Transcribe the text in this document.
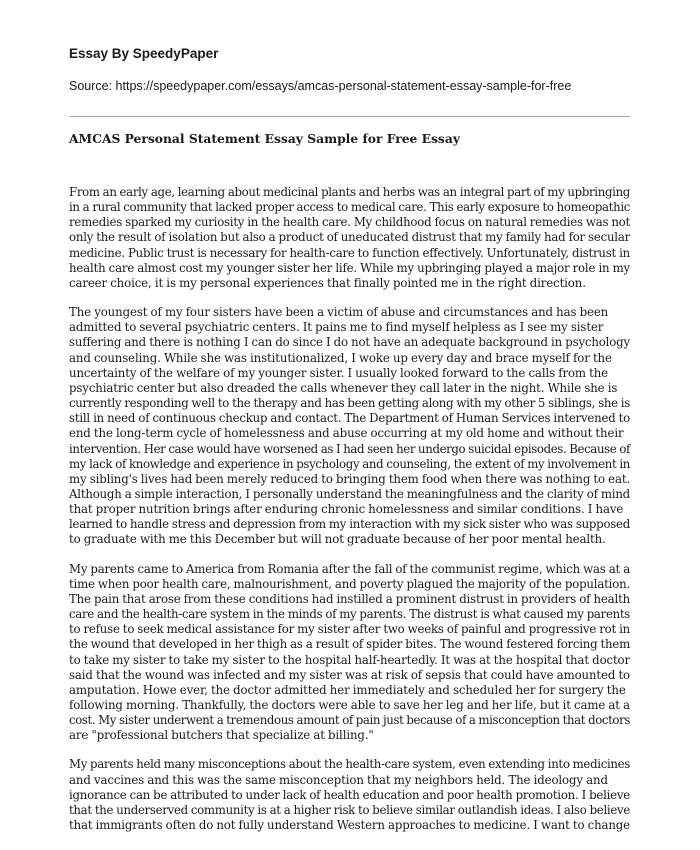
Essay By SpeedyPaper
Source: https://speedypaper.com/essays/amcas-personal-statement-essay-sample-for-free
AMCAS Personal Statement Essay Sample for Free Essay

From an early age, learning about medicinal plants and herbs was an integral part of my upbringing
in a rural community that lacked proper access to medical care. This early exposure to homeopathic
remedies sparked my curiosity in the health care. My childhood focus on natural remedies was not
only the result of isolation but also a product of uneducated distrust that my family had for secular
medicine. Public trust is necessary for health-care to function effectively. Unfortunately, distrust in
health care almost cost my younger sister her life. While my upbringing played a major role in my
career choice, it is my personal experiences that finally pointed me in the right direction.

The youngest of my four sisters have been a victim of abuse and circumstances and has been
admitted to several psychiatric centers. It pains me to find myself helpless as I see my sister
suffering and there is nothing I can do since I do not have an adequate background in psychology
and counseling. While she was institutionalized, I woke up every day and brace myself for the
uncertainty of the welfare of my younger sister. I usually looked forward to the calls from the
psychiatric center but also dreaded the calls whenever they call later in the night. While she is
currently responding well to the therapy and has been getting along with my other 5 siblings, she is
still in need of continuous checkup and contact. The Department of Human Services intervened to
end the long-term cycle of homelessness and abuse occurring at my old home and without their
intervention. Her case would have worsened as I had seen her undergo suicidal episodes. Because of
my lack of knowledge and experience in psychology and counseling, the extent of my involvement in
my sibling's lives had been merely reduced to bringing them food when there was nothing to eat.
Although a simple interaction, I personally understand the meaningfulness and the clarity of mind
that proper nutrition brings after enduring chronic homelessness and similar conditions. I have
learned to handle stress and depression from my interaction with my sick sister who was supposed
to graduate with me this December but will not graduate because of her poor mental health.

My parents came to America from Romania after the fall of the communist regime, which was at a
time when poor health care, malnourishment, and poverty plagued the majority of the population.
The pain that arose from these conditions had instilled a prominent distrust in providers of health
care and the health-care system in the minds of my parents. The distrust is what caused my parents
to refuse to seek medical assistance for my sister after two weeks of painful and progressive rot in
the wound that developed in her thigh as a result of spider bites. The wound festered forcing them
to take my sister to take my sister to the hospital half-heartedly. It was at the hospital that doctor
said that the wound was infected and my sister was at risk of sepsis that could have amounted to
amputation. Howe ever, the doctor admitted her immediately and scheduled her for surgery the
following morning. Thankfully, the doctors were able to save her leg and her life, but it came at a
cost. My sister underwent a tremendous amount of pain just because of a misconception that doctors
are "professional butchers that specialize at billing."

My parents held many misconceptions about the health-care system, even extending into medicines
and vaccines and this was the same misconception that my neighbors held. The ideology and
ignorance can be attributed to under lack of health education and poor health promotion. I believe
that the underserved community is at a higher risk to believe similar outlandish ideas. I also believe
that immigrants often do not fully understand Western approaches to medicine. I want to change
